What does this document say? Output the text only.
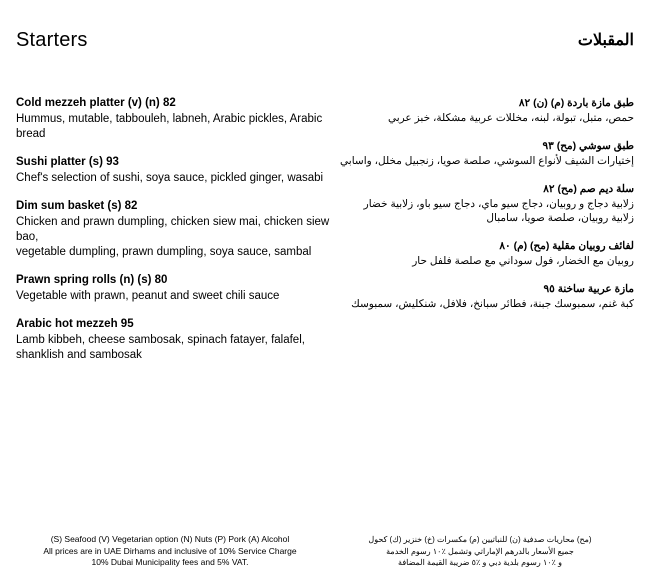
Starters	المقبلات

Cold mezzeh platter (v) (n) 82

Hummus, mutable, tabbouleh, labneh, Arabic pickles, Arabic bread

Sushi platter (s) 93

Chef's selection of sushi, soya sauce, pickled ginger, wasabi

Dim sum basket (s) 82

Chicken and prawn dumpling, chicken siew mai, chicken siew bao,

vegetable dumpling, prawn dumpling, soya sauce, sambal

Prawn spring rolls (n) (s) 80

Vegetable with prawn, peanut and sweet chili sauce

Arabic hot mezzeh 95

Lamb kibbeh, cheese sambosak, spinach fatayer, falafel,

shanklish and sambosak

طبق مازة باردة (م) (ن) ٨٢

حمص، متبل، تبولة، لبنه، مخللات عربية مشكلة، خبز عربي

طبق سوشي (مح) ٩٣

إختيارات الشيف لأنواع السوشي، صلصة صويا، زنجبيل مخلل، واسابي

سلة ديم صم (مح) ٨٢

زلابية دجاج و روبيان، دجاج سيو ماي، دجاج سيو باو، زلابية خضار

زلابية روبيان، صلصة صويا، سامبال

لفائف روبيان مقلية (مح) (م) ٨٠

روبيان مع الخضار، فول سوداني مع صلصة فلفل حار

مازة عربية ساخنة ٩٥

كبة غنم، سمبوسك جبنة، فطائر سبانخ، فلافل، شنكليش، سمبوسك

(S) Seafood (V) Vegetarian option (N) Nuts (P) Pork (A) Alcohol

All prices are in UAE Dirhams and inclusive of 10% Service Charge

10% Dubai Municipality fees and 5% VAT.

(مح) محاريات صدفية (ن) للنباتيين (م) مكسرات (خ) خنزير (ك) كحول

جميع الأسعار بالدرهم الإماراتي وتشمل ٪١٠ رسوم الخدمة

و ٪١٠ رسوم بلدية دبي و ٪٥ ضريبة القيمة المضافة
